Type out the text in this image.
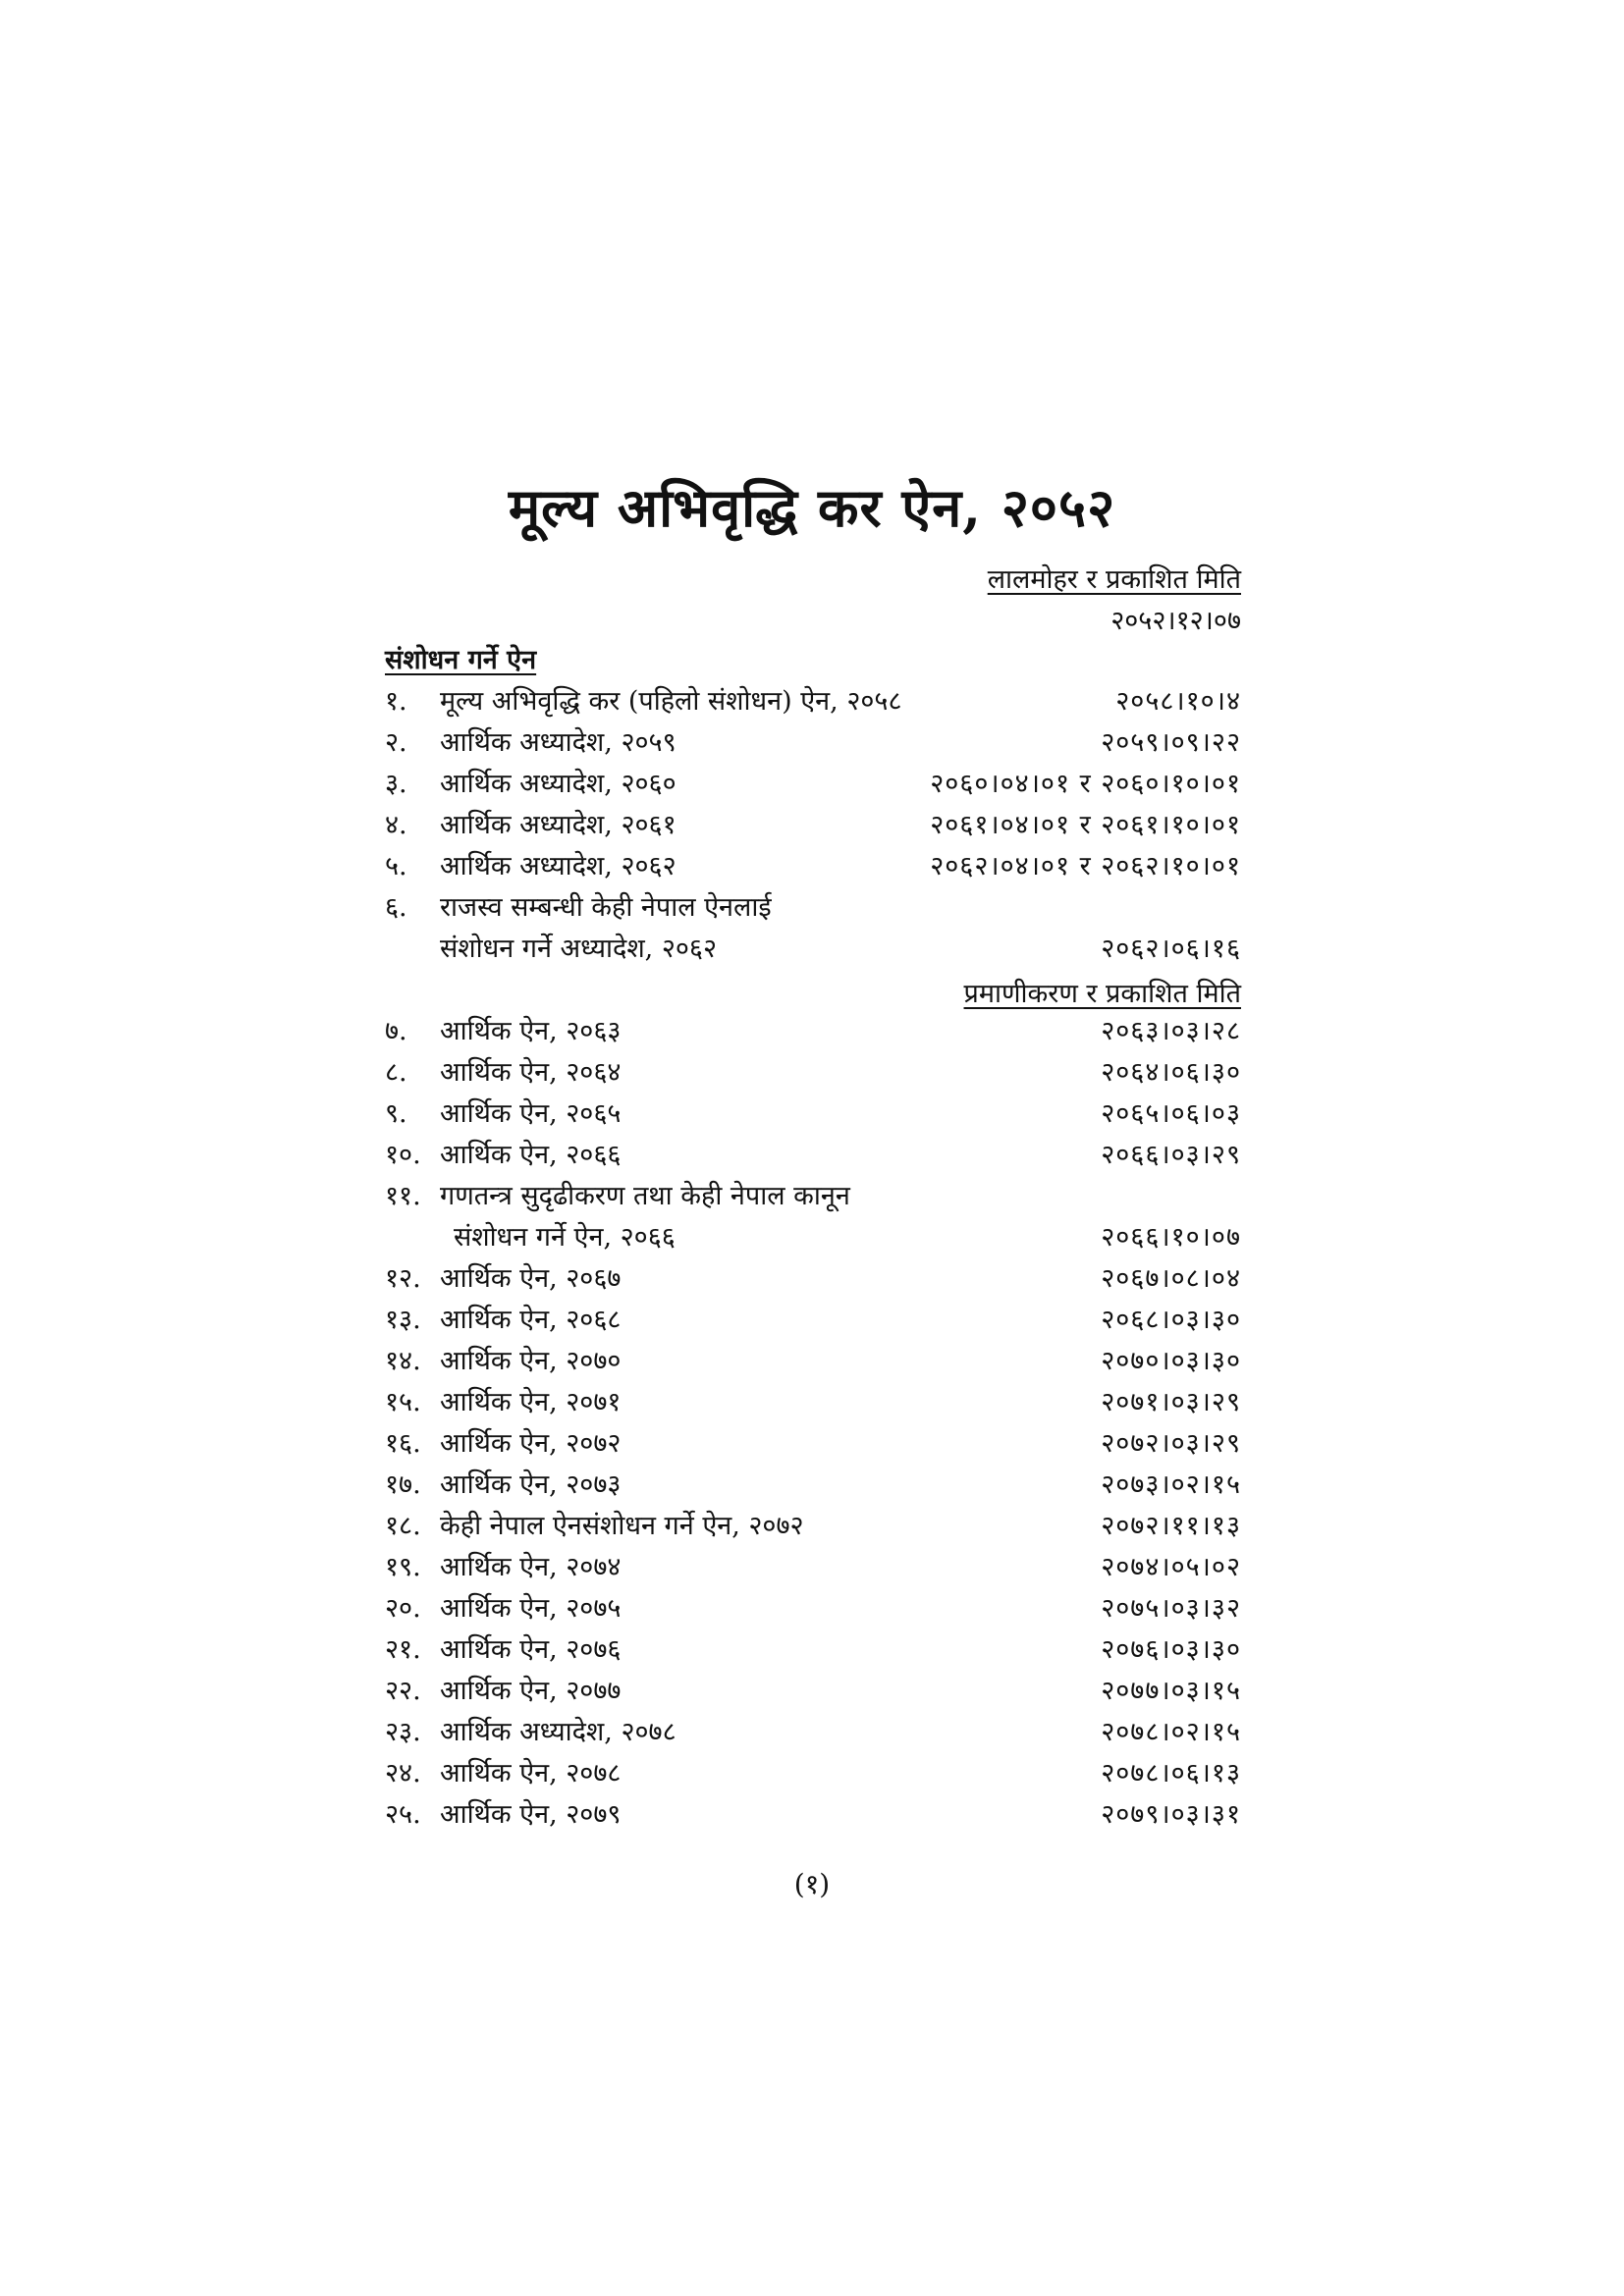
मूल्य अभिवृद्धि कर ऐन, २०५२
लालमोहर र प्रकाशित मिति
२०५२।१२।०७
संशोधन गर्ने ऐन
१. मूल्य अभिवृद्धि कर (पहिलो संशोधन) ऐन, २०५८	२०५८।१०।४
२. आर्थिक अध्यादेश, २०५९	२०५९।०९।२२
३. आर्थिक अध्यादेश, २०६०	२०६०।०४।०१ र २०६०।१०।०१
४. आर्थिक अध्यादेश, २०६१	२०६१।०४।०१ र २०६१।१०।०१
५. आर्थिक अध्यादेश, २०६२	२०६२।०४।०१ र २०६२।१०।०१
६. राजस्व सम्बन्धी केही नेपाल ऐनलाई
संशोधन गर्ने अध्यादेश, २०६२	२०६२।०६।१६
प्रमाणीकरण र प्रकाशित मिति
७. आर्थिक ऐन, २०६३	२०६३।०३।२८
८. आर्थिक ऐन, २०६४	२०६४।०६।३०
९. आर्थिक ऐन, २०६५	२०६५।०६।०३
१०. आर्थिक ऐन, २०६६	२०६६।०३।२९
११. गणतन्त्र सुदृढीकरण तथा केही नेपाल कानून
संशोधन गर्ने ऐन, २०६६	२०६६।१०।०७
१२. आर्थिक ऐन, २०६७	२०६७।०८।०४
१३. आर्थिक ऐन, २०६८	२०६८।०३।३०
१४. आर्थिक ऐन, २०७०	२०७०।०३।३०
१५. आर्थिक ऐन, २०७१	२०७१।०३।२९
१६. आर्थिक ऐन, २०७२	२०७२।०३।२९
१७. आर्थिक ऐन, २०७३	२०७३।०२।१५
१८. केही नेपाल ऐनसंशोधन गर्ने ऐन, २०७२	२०७२।११।१३
१९. आर्थिक ऐन, २०७४	२०७४।०५।०२
२०. आर्थिक ऐन, २०७५	२०७५।०३।३२
२१. आर्थिक ऐन, २०७६	२०७६।०३।३०
२२. आर्थिक ऐन, २०७७	२०७७।०३।१५
२३. आर्थिक अध्यादेश, २०७८	२०७८।०२।१५
२४. आर्थिक ऐन, २०७८	२०७८।०६।१३
२५. आर्थिक ऐन, २०७९	२०७९।०३।३१
(१)
